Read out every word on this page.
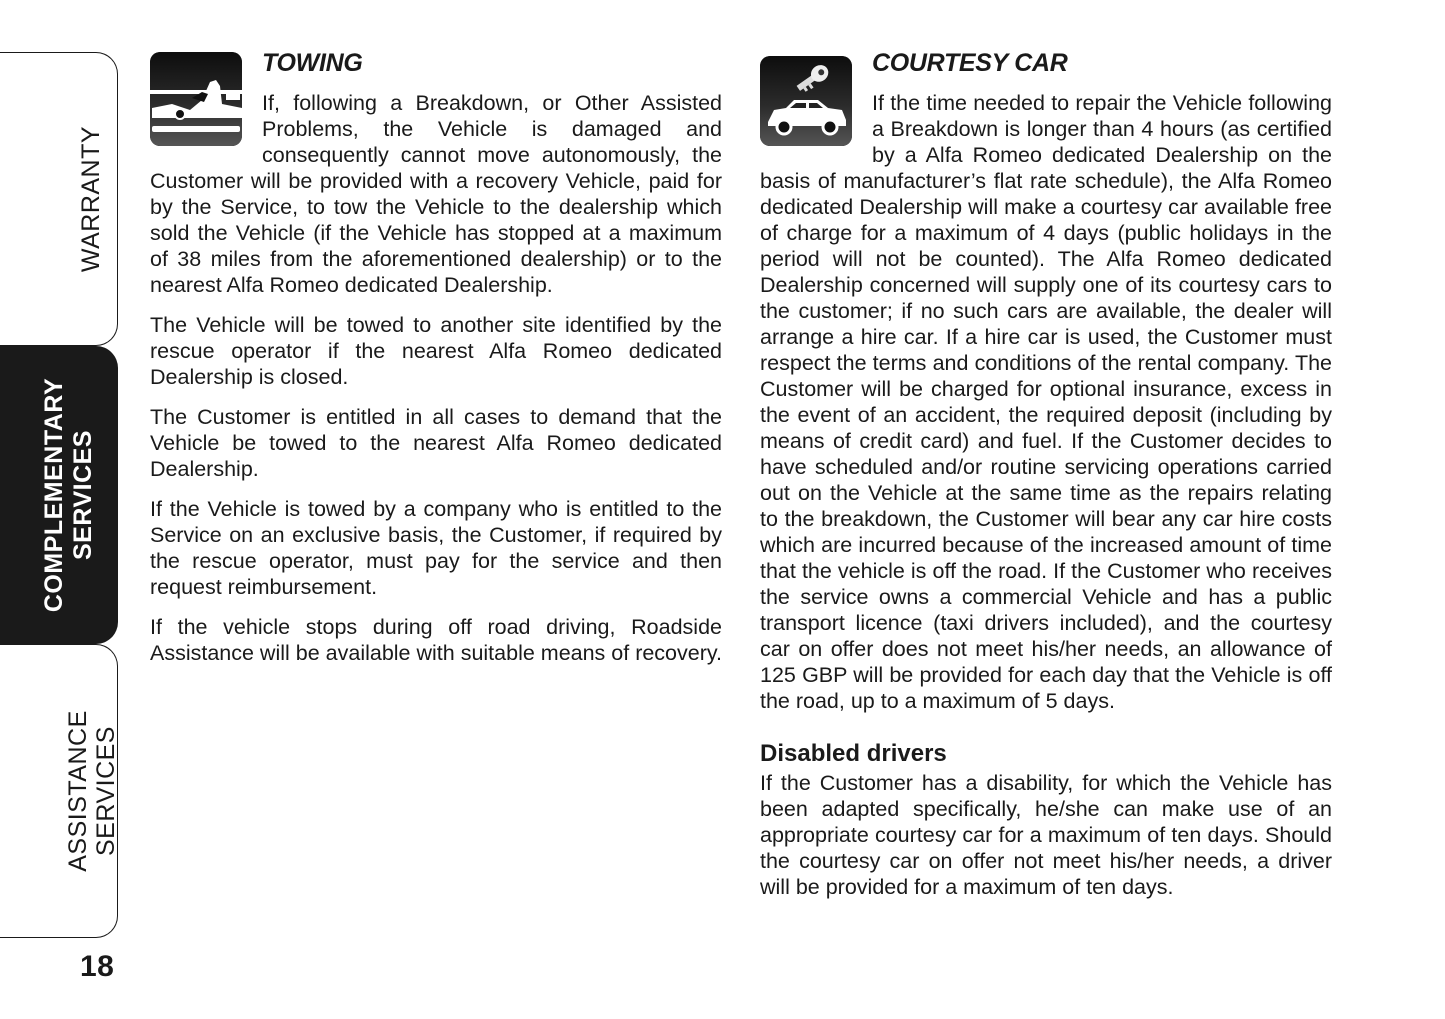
WARRANTY
COMPLEMENTARY SERVICES
ASSISTANCE SERVICES
18
TOWING

If, following a Breakdown, or Other Assisted Problems, the Vehicle is damaged and consequently cannot move autonomously, the Customer will be provided with a recovery Vehicle, paid for by the Service, to tow the Vehicle to the dealership which sold the Vehicle (if the Vehicle has stopped at a maximum of 38 miles from the aforementioned dealership) or to the nearest Alfa Romeo dedicated Dealership.

The Vehicle will be towed to another site identified by the rescue operator if the nearest Alfa Romeo dedicated Dealership is closed.

The Customer is entitled in all cases to demand that the Vehicle be towed to the nearest Alfa Romeo dedicated Dealership.

If the Vehicle is towed by a company who is entitled to the Service on an exclusive basis, the Customer, if required by the rescue operator, must pay for the service and then request reimbursement.

If the vehicle stops during off road driving, Roadside Assistance will be available with suitable means of recovery.

COURTESY CAR

If the time needed to repair the Vehicle following a Breakdown is longer than 4 hours (as certified by a Alfa Romeo dedicated Dealership on the basis of manufacturer’s flat rate schedule), the Alfa Romeo dedicated Dealership will make a courtesy car available free of charge for a maximum of 4 days (public holidays in the period will not be counted). The Alfa Romeo dedicated Dealership concerned will supply one of its courtesy cars to the customer; if no such cars are available, the dealer will arrange a hire car. If a hire car is used, the Customer must respect the terms and conditions of the rental company. The Customer will be charged for optional insurance, excess in the event of an accident, the required deposit (including by means of credit card) and fuel. If the Customer decides to have scheduled and/or routine servicing operations carried out on the Vehicle at the same time as the repairs relating to the breakdown, the Customer will bear any car hire costs which are incurred because of the increased amount of time that the vehicle is off the road. If the Customer who receives the service owns a commercial Vehicle and has a public transport licence (taxi drivers included), and the courtesy car on offer does not meet his/her needs, an allowance of 125 GBP will be provided for each day that the Vehicle is off the road, up to a maximum of 5 days.

Disabled drivers

If the Customer has a disability, for which the Vehicle has been adapted specifically, he/she can make use of an appropriate courtesy car for a maximum of ten days. Should the courtesy car on offer not meet his/her needs, a driver will be provided for a maximum of ten days.
